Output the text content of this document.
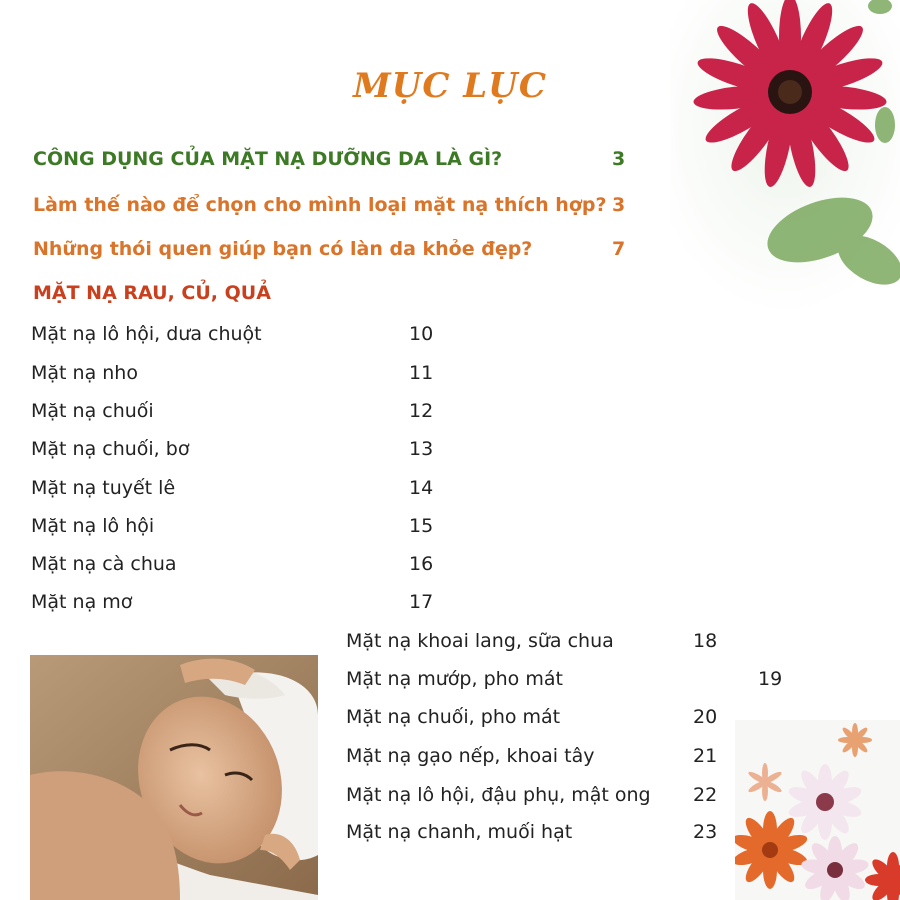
MỤC LỤC
CÔNG DỤNG CỦA MẶT NẠ DƯỠNG DA LÀ GÌ?	3
Làm thế nào để chọn cho mình loại mặt nạ thích hợp? 3
Những thói quen giúp bạn có làn da khỏe đẹp?	7
MẶT NẠ RAU, CỦ, QUẢ
Mặt nạ lô hội, dưa chuột	10
Mặt nạ nho	11
Mặt nạ chuối	12
Mặt nạ chuối, bơ	13
Mặt nạ tuyết lê	14
Mặt nạ lô hội	15
Mặt nạ cà chua	16
Mặt nạ mơ	17
Mặt nạ khoai lang, sữa chua	18
Mặt nạ mướp, pho mát	19
Mặt nạ chuối, pho mát	20
Mặt nạ gạo nếp, khoai tây	21
Mặt nạ lô hội, đậu phụ, mật ong 22
Mặt nạ chanh, muối hạt	23
